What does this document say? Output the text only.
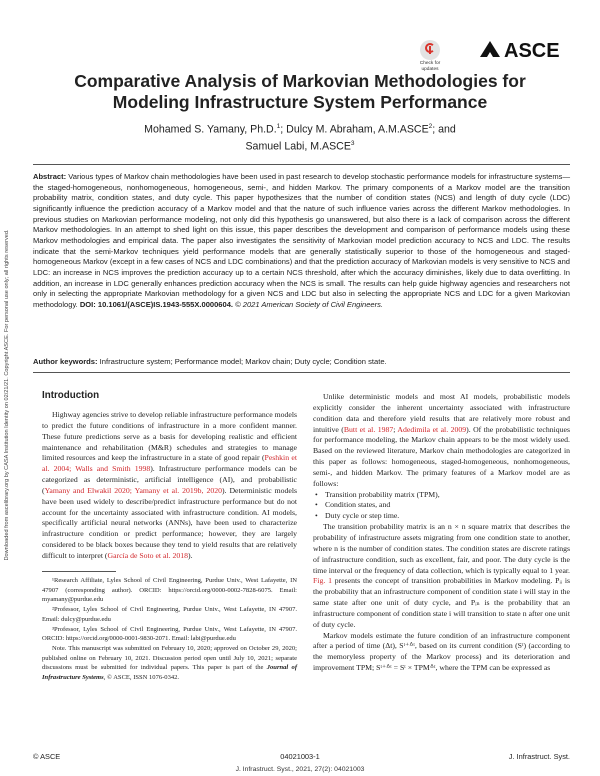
Downloaded from ascelibrary.org by CASA Institution Identity on 02/21/21. Copyright ASCE. For personal use only; all rights reserved.
Check for
updates
ASCE
Comparative Analysis of Markovian Methodologies for Modeling Infrastructure System Performance
Mohamed S. Yamany, Ph.D.$^1$; Dulcy M. Abraham, A.M.ASCE$^2$; and
Samuel Labi, M.ASCE$^3$

Abstract: Various types of Markov chain methodologies have been used in past research to develop stochastic performance models for infrastructure systems—the staged-homogeneous, nonhomogeneous, homogeneous, semi-, and hidden Markov. The primary components of a Markov model are the transition probability matrix, condition states, and duty cycle. This paper hypothesizes that the number of condition states (NCS) and length of duty cycle (LDC) significantly influence the prediction accuracy of a Markov model and that the nature of such influence varies across the different Markov methodologies. In previous studies on Markovian performance modeling, not only did this hypothesis go unanswered, but also there is a lack of comparison across the different Markov methodologies. In an attempt to shed light on this issue, this paper describes the development and comparison of performance models using these Markov methodologies and empirical data. The paper also investigates the sensitivity of Markovian model prediction accuracy to NCS and LDC. The results indicate that the semi-Markov techniques yield performance models that are generally statistically superior to those of the homogeneous and staged-homogeneous Markov (except in a few cases of NCS and LDC combinations) and that the prediction accuracy of Markovian models is very sensitive to NCS and LDC: an increase in NCS improves the prediction accuracy up to a certain NCS threshold, after which the accuracy diminishes, likely due to data overfitting. In addition, an increase in LDC generally enhances prediction accuracy when the NCS is small. The results can help guide highway agencies and researchers not only in selecting the appropriate Markovian methodology for a given NCS and LDC but also in selecting the appropriate NCS and LDC for a given Markovian methodology. DOI: 10.1061/(ASCE)IS.1943-555X.0000604. © 2021 American Society of Civil Engineers.

Author keywords: Infrastructure system; Performance model; Markov chain; Duty cycle; Condition state.

Introduction

Highway agencies strive to develop reliable infrastructure performance models to predict the future conditions of infrastructure in a more confident manner. These future predictions serve as a basis for developing realistic and efficient maintenance and rehabilitation (M&R) schedules and strategies to manage limited resources and keep the infrastructure in a state of good repair (Peshkin et al. 2004; Walls and Smith 1998). Infrastructure performance models can be categorized as deterministic, artificial intelligence (AI), and probabilistic (Yamany and Elwakil 2020; Yamany et al. 2019b, 2020). Deterministic models have been used widely to describe/predict infrastructure performance but do not account for the uncertainty associated with infrastructure condition. AI models, specifically artificial neural networks (ANNs), have been used to characterize infrastructure condition or predict performance; however, they are largely considered to be black boxes because they tend to yield results that are relatively difficult to interpret (García de Soto et al. 2018).

¹Research Affiliate, Lyles School of Civil Engineering, Purdue Univ., West Lafayette, IN 47907 (corresponding author). ORCID: https://orcid.org/0000-0002-7828-6075. Email: myamany@purdue.edu

²Professor, Lyles School of Civil Engineering, Purdue Univ., West Lafayette, IN 47907. Email: dulcy@purdue.edu

³Professor, Lyles School of Civil Engineering, Purdue Univ., West Lafayette, IN 47907. ORCID: https://orcid.org/0000-0001-9830-2071. Email: labi@purdue.edu

Note. This manuscript was submitted on February 10, 2020; approved on October 29, 2020; published online on February 10, 2021. Discussion period open until July 10, 2021; separate discussions must be submitted for individual papers. This paper is part of the Journal of Infrastructure Systems, © ASCE, ISSN 1076-0342.

Unlike deterministic models and most AI models, probabilistic models explicitly consider the inherent uncertainty associated with infrastructure condition data and therefore yield results that are relatively more robust and intuitive (Butt et al. 1987; Adedimila et al. 2009). Of the probabilistic techniques for performance modeling, the Markov chain appears to be the most widely used. Based on the reviewed literature, Markov chain methodologies are categorized in this paper as follows: homogeneous, staged-homogeneous, nonhomogeneous, semi-, and hidden Markov. The primary features of a Markov model are as follows:

• Transition probability matrix (TPM),
• Condition states, and
• Duty cycle or step time.

The transition probability matrix is an n × n square matrix that describes the probability of infrastructure assets migrating from one condition state to another, where n is the number of condition states. The condition states are discrete ratings of infrastructure condition, such as excellent, fair, and poor. The duty cycle is the time interval or the frequency of data collection, which is typically equal to 1 year. Fig. 1 presents the concept of transition probabilities in Markov modeling. Pᵢᵢ is the probability that an infrastructure component of condition state i will stay in the same state after one unit of duty cycle, and Pᵢₙ is the probability that an infrastructure component of condition state i will transition to state n after one unit of duty cycle.

Markov models estimate the future condition of an infrastructure component after a period of time (Δt), Sᵗ⁺ᐞᵗ, based on its current condition (Sᵗ) (according to the memoryless property of the Markov process) and its deterioration and improvement TPM; Sᵗ⁺ᐞᵗ = Sᵗ × TPMᐞᵗ, where the TPM can be expressed as

© ASCE	04021003-1	J. Infrastruct. Syst.
J. Infrastruct. Syst., 2021, 27(2): 04021003
